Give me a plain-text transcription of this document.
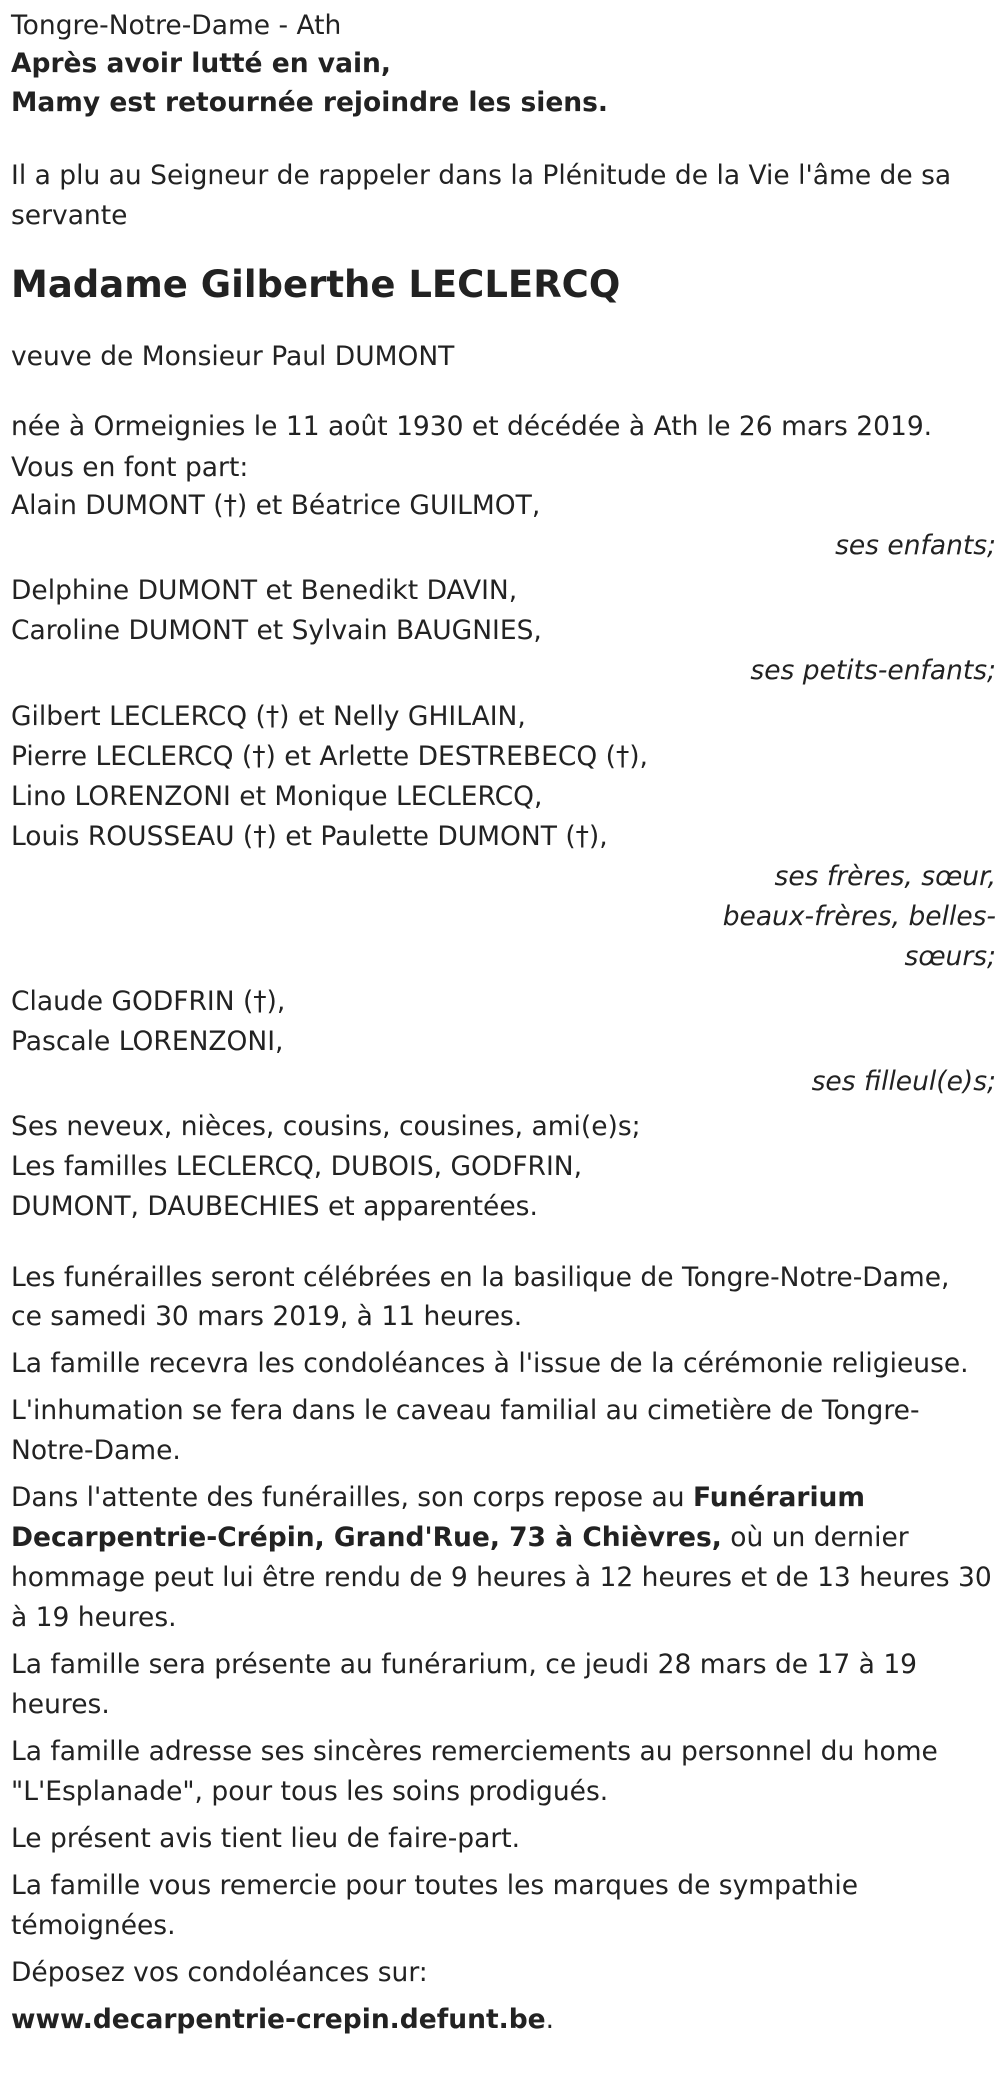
Tongre-Notre-Dame - Ath

Après avoir lutté en vain,

Mamy est retournée rejoindre les siens.

Il a plu au Seigneur de rappeler dans la Plénitude de la Vie l'âme de sa servante

Madame Gilberthe LECLERCQ

veuve de Monsieur Paul DUMONT

née à Ormeignies le 11 août 1930 et décédée à Ath le 26 mars 2019.

Vous en font part:

Alain DUMONT (†) et Béatrice GUILMOT,

ses enfants;

Delphine DUMONT et Benedikt DAVIN,

Caroline DUMONT et Sylvain BAUGNIES,

ses petits-enfants;

Gilbert LECLERCQ (†) et Nelly GHILAIN,

Pierre LECLERCQ (†) et Arlette DESTREBECQ (†),

Lino LORENZONI et Monique LECLERCQ,

Louis ROUSSEAU (†) et Paulette DUMONT (†),

ses frères, sœur,

beaux-frères, belles-

sœurs;

Claude GODFRIN (†),

Pascale LORENZONI,

ses filleul(e)s;

Ses neveux, nièces, cousins, cousines, ami(e)s;

Les familles LECLERCQ, DUBOIS, GODFRIN,

DUMONT, DAUBECHIES et apparentées.

Les funérailles seront célébrées en la basilique de Tongre-Notre-Dame,

ce samedi 30 mars 2019, à 11 heures.

La famille recevra les condoléances à l'issue de la cérémonie religieuse.

L'inhumation se fera dans le caveau familial au cimetière de Tongre-Notre-Dame.

Dans l'attente des funérailles, son corps repose au Funérarium Decarpentrie-Crépin, Grand'Rue, 73 à Chièvres, où un dernier hommage peut lui être rendu de 9 heures à 12 heures et de 13 heures 30 à 19 heures.

La famille sera présente au funérarium, ce jeudi 28 mars de 17 à 19 heures.

La famille adresse ses sincères remerciements au personnel du home "L'Esplanade", pour tous les soins prodigués.

Le présent avis tient lieu de faire-part.

La famille vous remercie pour toutes les marques de sympathie témoignées.

Déposez vos condoléances sur:

www.decarpentrie-crepin.defunt.be.
